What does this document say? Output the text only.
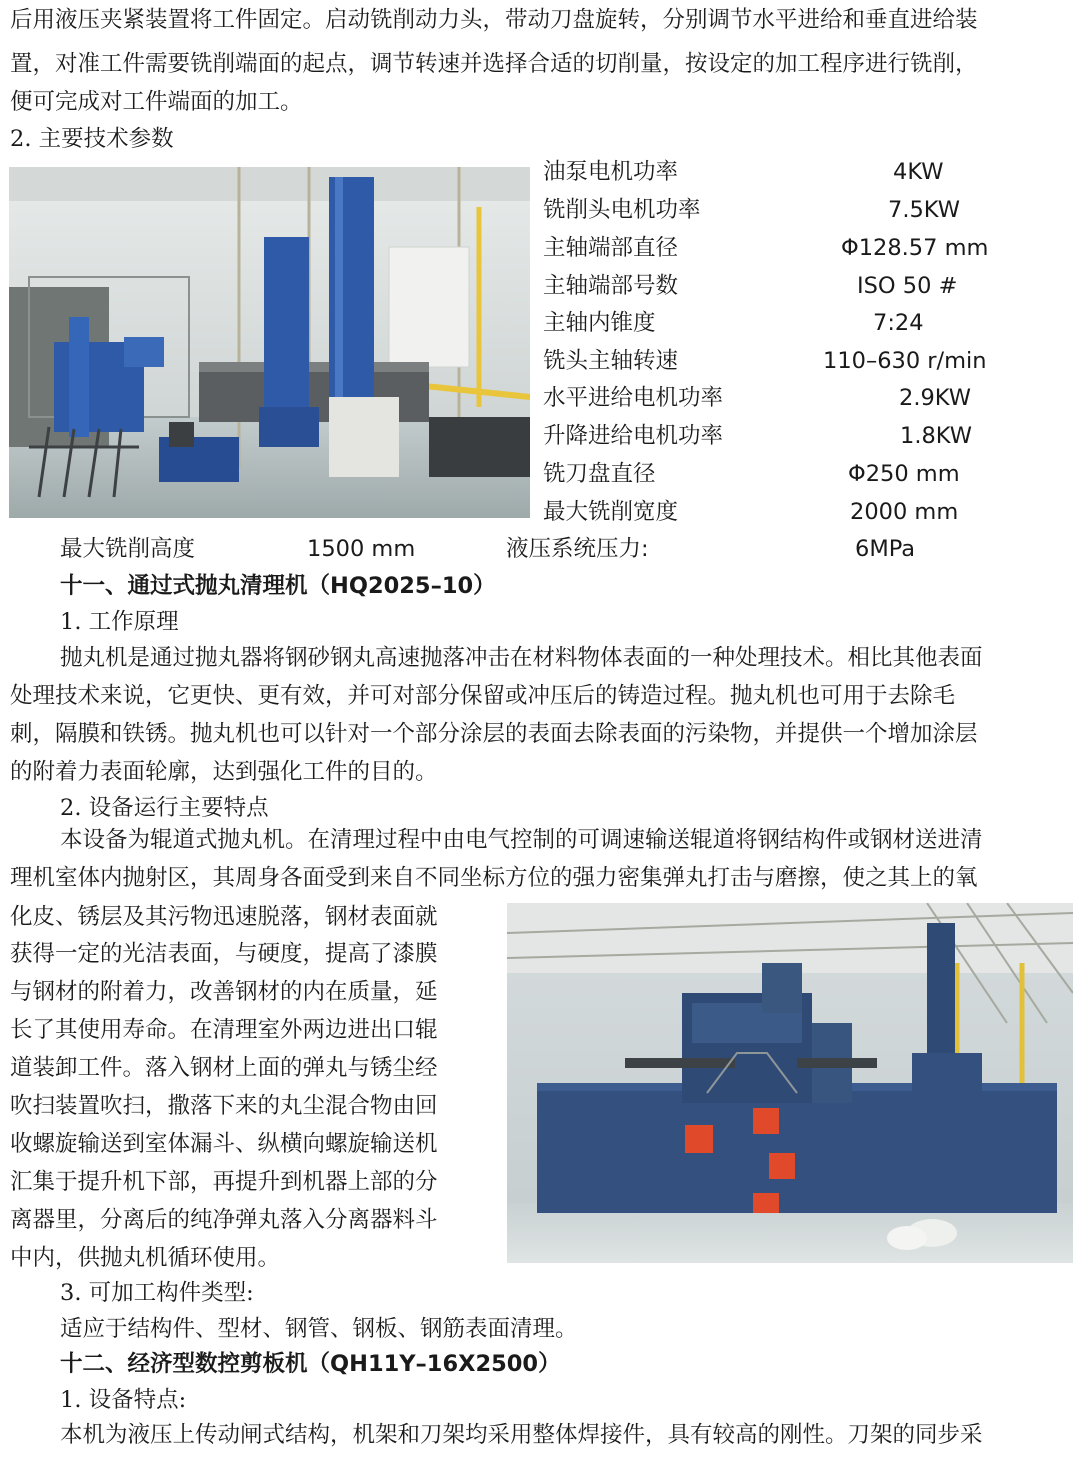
后用液压夹紧装置将工件固定。启动铣削动力头，带动刀盘旋转，分别调节水平进给和垂直进给装
置，对准工件需要铣削端面的起点，调节转速并选择合适的切削量，按设定的加工程序进行铣削，
便可完成对工件端面的加工。
2. 主要技术参数
油泵电机功率	4KW
铣削头电机功率	7.5KW
主轴端部直径	Φ128.57 mm
主轴端部号数	ISO 50 #
主轴内锥度	7:24
铣头主轴转速	110–630 r/min
水平进给电机功率	2.9KW
升降进给电机功率	1.8KW
铣刀盘直径	Φ250 mm
最大铣削宽度	2000 mm
最大铣削高度	1500 mm	液压系统压力:	6MPa
十一、通过式抛丸清理机（HQ2025–10）
1. 工作原理
抛丸机是通过抛丸器将钢砂钢丸高速抛落冲击在材料物体表面的一种处理技术。相比其他表面
处理技术来说，它更快、更有效，并可对部分保留或冲压后的铸造过程。抛丸机也可用于去除毛
刺，隔膜和铁锈。抛丸机也可以针对一个部分涂层的表面去除表面的污染物，并提供一个增加涂层
的附着力表面轮廓，达到强化工件的目的。
2. 设备运行主要特点
本设备为辊道式抛丸机。在清理过程中由电气控制的可调速输送辊道将钢结构件或钢材送进清
理机室体内抛射区，其周身各面受到来自不同坐标方位的强力密集弹丸打击与磨擦，使之其上的氧
化皮、锈层及其污物迅速脱落，钢材表面就
获得一定的光洁表面，与硬度，提高了漆膜
与钢材的附着力，改善钢材的内在质量，延
长了其使用寿命。在清理室外两边进出口辊
道装卸工件。落入钢材上面的弹丸与锈尘经
吹扫装置吹扫，撒落下来的丸尘混合物由回
收螺旋输送到室体漏斗、纵横向螺旋输送机
汇集于提升机下部，再提升到机器上部的分
离器里，分离后的纯净弹丸落入分离器料斗
中内，供抛丸机循环使用。
3. 可加工构件类型:
适应于结构件、型材、钢管、钢板、钢筋表面清理。
十二、经济型数控剪板机（QH11Y–16X2500）
1. 设备特点:
本机为液压上传动闸式结构，机架和刀架均采用整体焊接件，具有较高的刚性。刀架的同步采
